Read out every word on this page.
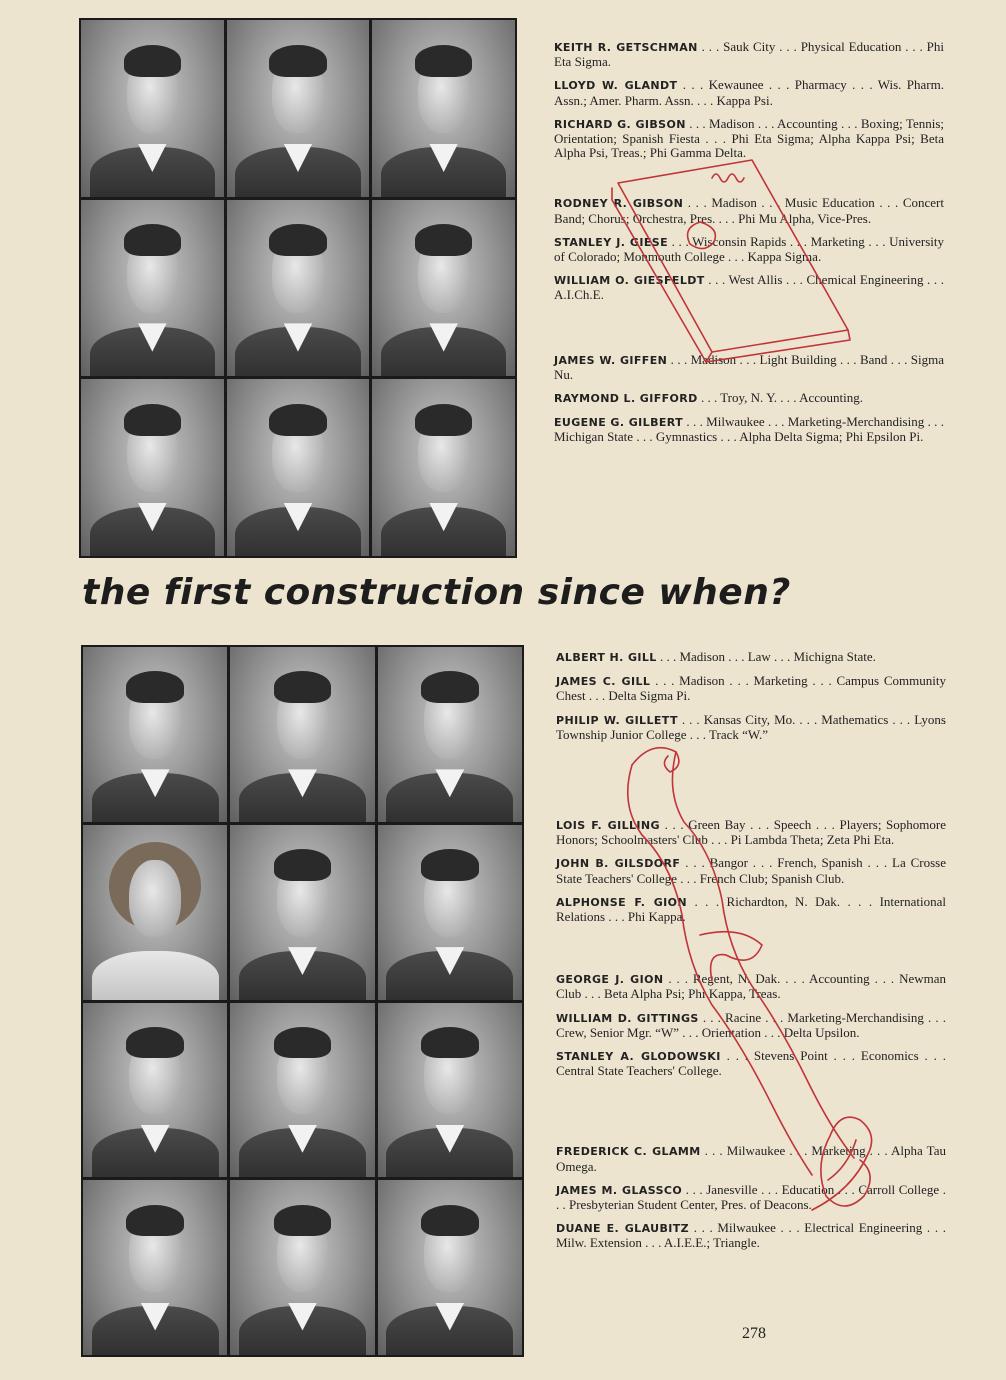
KEITH R. GETSCHMAN . . . Sauk City . . . Physical Education . . . Phi Eta Sigma.

LLOYD W. GLANDT . . . Kewaunee . . . Pharmacy . . . Wis. Pharm. Assn.; Amer. Pharm. Assn. . . . Kappa Psi.

RICHARD G. GIBSON . . . Madison . . . Accounting . . . Boxing; Tennis; Orientation; Spanish Fiesta . . . Phi Eta Sigma; Alpha Kappa Psi; Beta Alpha Psi, Treas.; Phi Gamma Delta.

RODNEY R. GIBSON . . . Madison . . . Music Education . . . Concert Band; Chorus; Orchestra, Pres. . . . Phi Mu Alpha, Vice-Pres.

STANLEY J. GIESE . . . Wisconsin Rapids . . . Marketing . . . University of Colorado; Monmouth College . . . Kappa Sigma.

WILLIAM O. GIESFELDT . . . West Allis . . . Chemical Engineering . . . A.I.Ch.E.

JAMES W. GIFFEN . . . Madison . . . Light Building . . . Band . . . Sigma Nu.

RAYMOND L. GIFFORD . . . Troy, N. Y. . . . Accounting.

EUGENE G. GILBERT . . . Milwaukee . . . Marketing-Merchandising . . . Michigan State . . . Gymnastics . . . Alpha Delta Sigma; Phi Epsilon Pi.

the first construction since when?

ALBERT H. GILL . . . Madison . . . Law . . . Michigna State.

JAMES C. GILL . . . Madison . . . Marketing . . . Campus Community Chest . . . Delta Sigma Pi.

PHILIP W. GILLETT . . . Kansas City, Mo. . . . Mathematics . . . Lyons Township Junior College . . . Track “W.”

LOIS F. GILLING . . . Green Bay . . . Speech . . . Players; Sophomore Honors; Schoolmasters' Club . . . Pi Lambda Theta; Zeta Phi Eta.

JOHN B. GILSDORF . . . Bangor . . . French, Spanish . . . La Crosse State Teachers' College . . . French Club; Spanish Club.

ALPHONSE F. GION . . . Richardton, N. Dak. . . . International Relations . . . Phi Kappa.

GEORGE J. GION . . . Regent, N. Dak. . . . Accounting . . . Newman Club . . . Beta Alpha Psi; Phi Kappa, Treas.

WILLIAM D. GITTINGS . . . Racine . . . Marketing-Merchandising . . . Crew, Senior Mgr. “W” . . . Orientation . . . Delta Upsilon.

STANLEY A. GLODOWSKI . . . Stevens Point . . . Economics . . . Central State Teachers' College.

FREDERICK C. GLAMM . . . Milwaukee . . . Marketing . . . Alpha Tau Omega.

JAMES M. GLASSCO . . . Janesville . . . Education . . . Carroll College . . . Presbyterian Student Center, Pres. of Deacons.

DUANE E. GLAUBITZ . . . Milwaukee . . . Electrical Engineering . . . Milw. Extension . . . A.I.E.E.; Triangle.

278
